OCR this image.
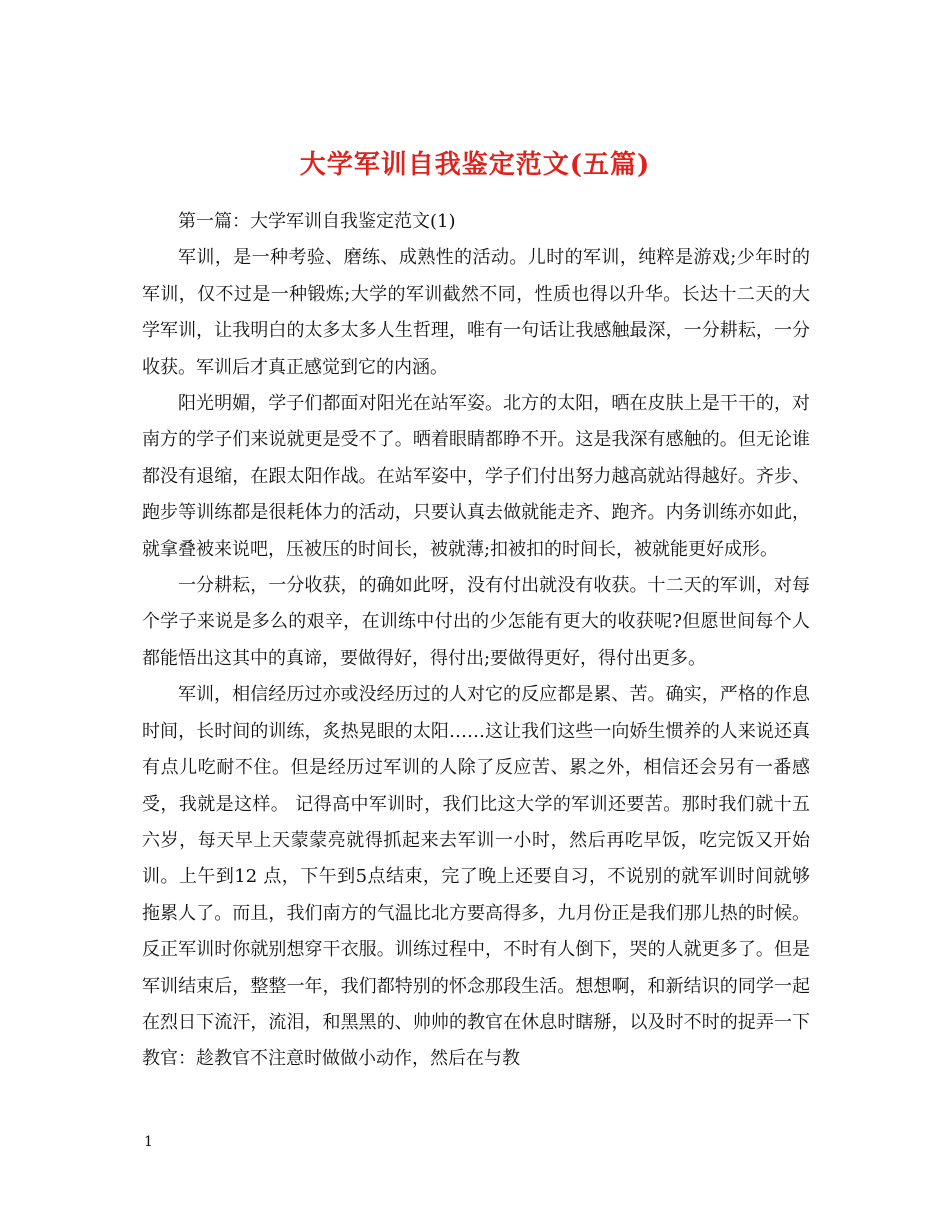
大学军训自我鉴定范文(五篇)

第一篇：大学军训自我鉴定范文(1)

军训，是一种考验、磨练、成熟性的活动。儿时的军训，纯粹是游戏;少年时的军训，仅不过是一种锻炼;大学的军训截然不同，性质也得以升华。长达十二天的大学军训，让我明白的太多太多人生哲理，唯有一句话让我感触最深，一分耕耘，一分收获。军训后才真正感觉到它的内涵。

阳光明媚，学子们都面对阳光在站军姿。北方的太阳，晒在皮肤上是干干的，对南方的学子们来说就更是受不了。晒着眼睛都睁不开。这是我深有感触的。但无论谁都没有退缩，在跟太阳作战。在站军姿中，学子们付出努力越高就站得越好。齐步、跑步等训练都是很耗体力的活动，只要认真去做就能走齐、跑齐。内务训练亦如此，就拿叠被来说吧，压被压的时间长，被就薄;扣被扣的时间长，被就能更好成形。

一分耕耘，一分收获，的确如此呀，没有付出就没有收获。十二天的军训，对每个学子来说是多么的艰辛，在训练中付出的少怎能有更大的收获呢?但愿世间每个人都能悟出这其中的真谛，要做得好，得付出;要做得更好，得付出更多。

军训，相信经历过亦或没经历过的人对它的反应都是累、苦。确实，严格的作息时间，长时间的训练，炙热晃眼的太阳……这让我们这些一向娇生惯养的人来说还真有点儿吃耐不住。但是经历过军训的人除了反应苦、累之外，相信还会另有一番感受，我就是这样。 记得高中军训时，我们比这大学的军训还要苦。那时我们就十五六岁，每天早上天蒙蒙亮就得抓起来去军训一小时，然后再吃早饭，吃完饭又开始训。上午到12 点，下午到5点结束，完了晚上还要自习，不说别的就军训时间就够拖累人了。而且，我们南方的气温比北方要高得多，九月份正是我们那儿热的时候。反正军训时你就别想穿干衣服。训练过程中，不时有人倒下，哭的人就更多了。但是军训结束后，整整一年，我们都特别的怀念那段生活。想想啊，和新结识的同学一起在烈日下流汗，流泪，和黑黑的、帅帅的教官在休息时瞎掰，以及时不时的捉弄一下教官：趁教官不注意时做做小动作，然后在与教

1
